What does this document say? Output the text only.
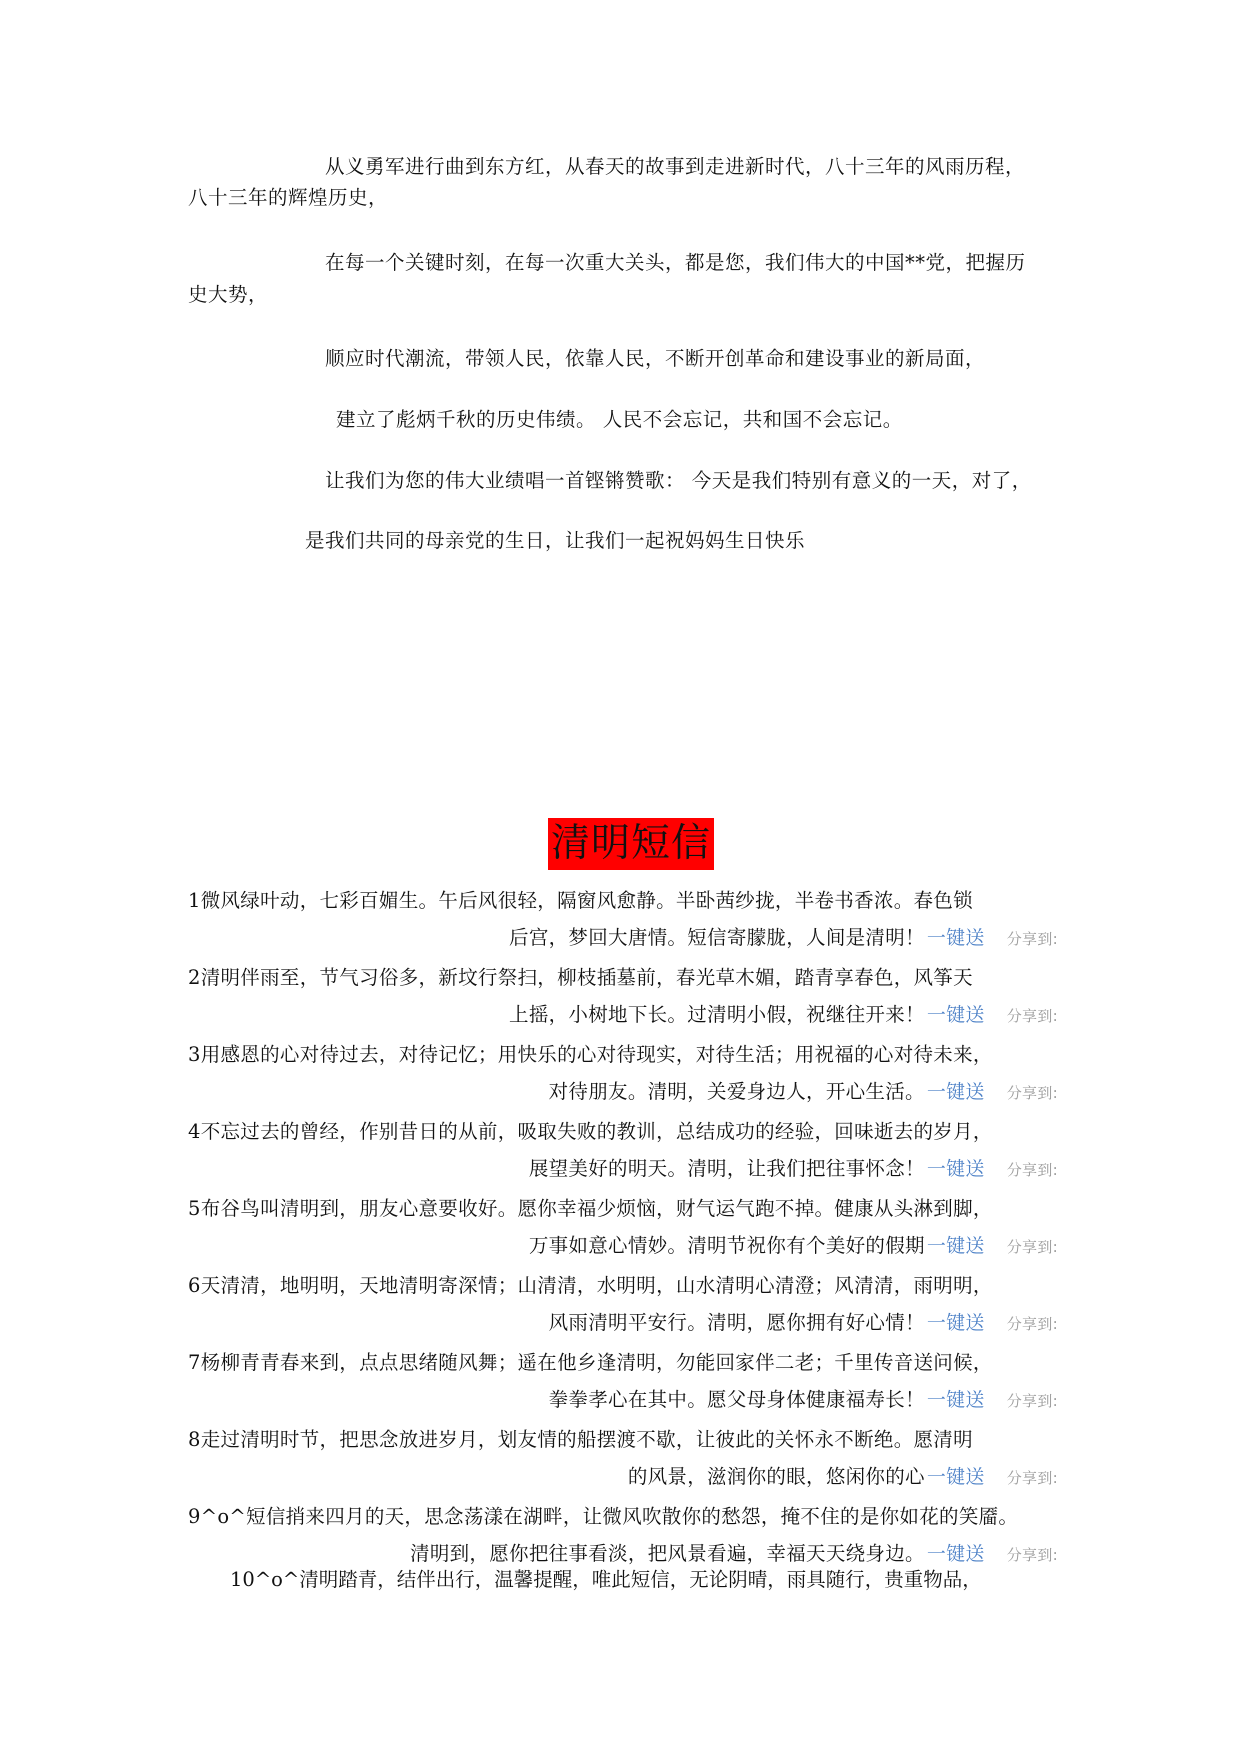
从义勇军进行曲到东方红，从春天的故事到走进新时代，八十三年的风雨历程，
八十三年的辉煌历史，
在每一个关键时刻，在每一次重大关头，都是您，我们伟大的中国**党，把握历
史大势，
顺应时代潮流，带领人民，依靠人民，不断开创革命和建设事业的新局面，
建立了彪炳千秋的历史伟绩。 人民不会忘记，共和国不会忘记。
让我们为您的伟大业绩唱一首铿锵赞歌： 今天是我们特别有意义的一天，对了，
是我们共同的母亲党的生日，让我们一起祝妈妈生日快乐
清明短信
1微风绿叶动，七彩百媚生。午后风很轻，隔窗风愈静。半卧茜纱拢，半卷书香浓。春色锁
后宫，梦回大唐情。短信寄朦胧，人间是清明！ 一键送 分享到:
2清明伴雨至，节气习俗多，新坟行祭扫，柳枝插墓前，春光草木媚，踏青享春色，风筝天
上摇，小树地下长。过清明小假，祝继往开来！ 一键送 分享到:
3用感恩的心对待过去，对待记忆；用快乐的心对待现实，对待生活；用祝福的心对待未来，
对待朋友。清明，关爱身边人，开心生活。 一键送 分享到:
4不忘过去的曾经，作别昔日的从前，吸取失败的教训，总结成功的经验，回味逝去的岁月，
展望美好的明天。清明，让我们把往事怀念！ 一键送 分享到:
5布谷鸟叫清明到，朋友心意要收好。愿你幸福少烦恼，财气运气跑不掉。健康从头淋到脚，
万事如意心情妙。清明节祝你有个美好的假期 一键送 分享到:
6天清清，地明明，天地清明寄深情；山清清，水明明，山水清明心清澄；风清清，雨明明，
风雨清明平安行。清明，愿你拥有好心情！ 一键送 分享到:
7杨柳青青春来到，点点思绪随风舞；遥在他乡逢清明，勿能回家伴二老；千里传音送问候，
拳拳孝心在其中。愿父母身体健康福寿长！ 一键送 分享到:
8走过清明时节，把思念放进岁月，划友情的船摆渡不歇，让彼此的关怀永不断绝。愿清明
的风景，滋润你的眼，悠闲你的心 一键送 分享到:
9^o^短信捎来四月的天，思念荡漾在湖畔，让微风吹散你的愁怨，掩不住的是你如花的笑靥。
清明到，愿你把往事看淡，把风景看遍，幸福天天绕身边。 一键送 分享到:
10^o^清明踏青，结伴出行，温馨提醒，唯此短信，无论阴晴，雨具随行，贵重物品，
